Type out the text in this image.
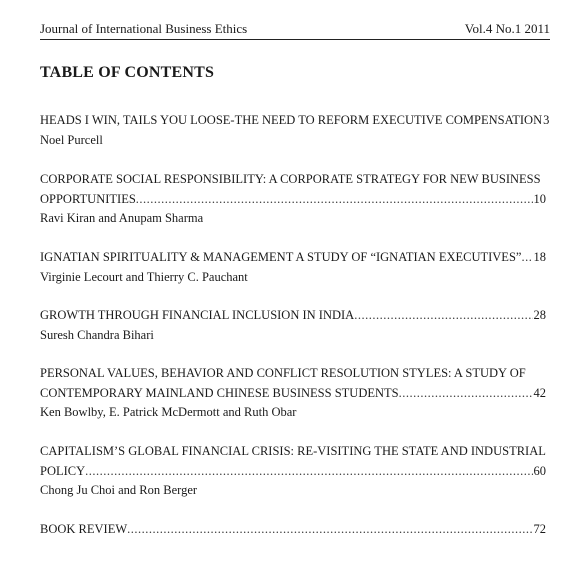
Journal of International Business Ethics	Vol.4 No.1 2011
TABLE OF CONTENTS
HEADS I WIN, TAILS YOU LOOSE-THE NEED TO REFORM EXECUTIVE COMPENSATION 3
Noel Purcell
CORPORATE SOCIAL RESPONSIBILITY: A CORPORATE STRATEGY FOR NEW BUSINESS
OPPORTUNITIES .....	10
Ravi Kiran and Anupam Sharma
IGNATIAN SPIRITUALITY & MANAGEMENT A STUDY OF “IGNATIAN EXECUTIVES” ..... 18
Virginie Lecourt and Thierry C. Pauchant
GROWTH THROUGH FINANCIAL INCLUSION IN INDIA .....	28
Suresh Chandra Bihari
PERSONAL VALUES, BEHAVIOR AND CONFLICT RESOLUTION STYLES: A STUDY OF
CONTEMPORARY MAINLAND CHINESE BUSINESS STUDENTS .....	42
Ken Bowlby, E. Patrick McDermott and Ruth Obar
CAPITALISM’S GLOBAL FINANCIAL CRISIS: RE-VISITING THE STATE AND INDUSTRIAL
POLICY .....	60
Chong Ju Choi and Ron Berger
BOOK REVIEW .....	72
